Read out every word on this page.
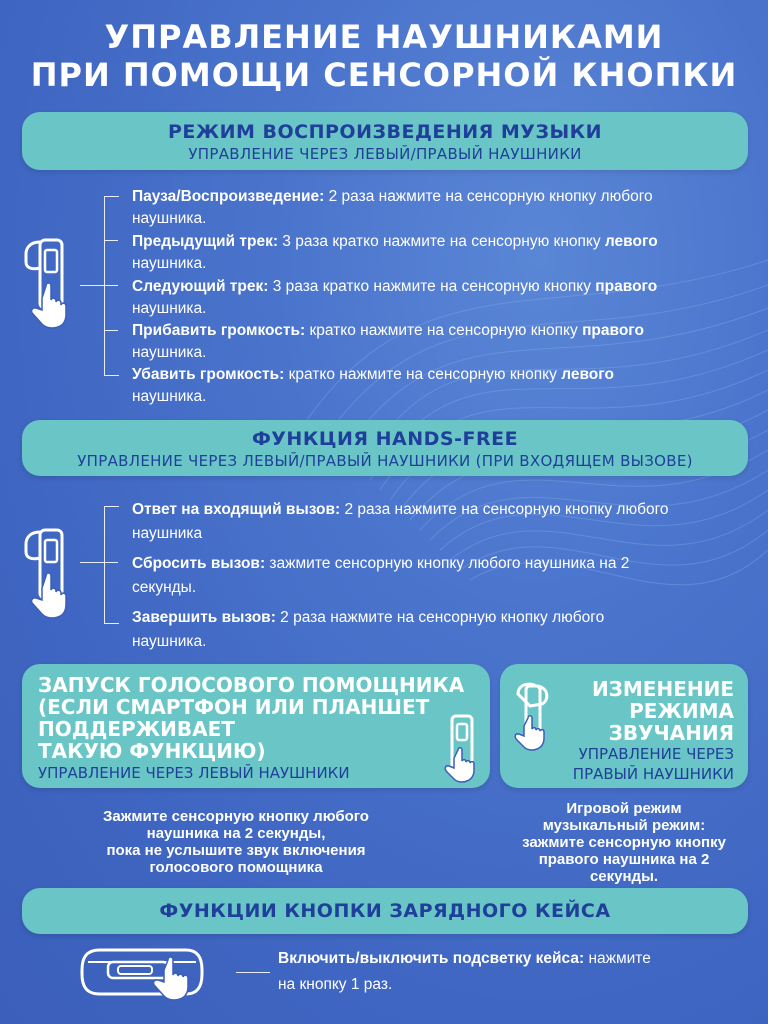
УПРАВЛЕНИЕ НАУШНИКАМИ
ПРИ ПОМОЩИ СЕНСОРНОЙ КНОПКИ
РЕЖИМ ВОСПРОИЗВЕДЕНИЯ МУЗЫКИ
УПРАВЛЕНИЕ ЧЕРЕЗ ЛЕВЫЙ/ПРАВЫЙ НАУШНИКИ
Пауза/Воспроизведение: 2 раза нажмите на сенсорную кнопку любого
наушника.
Предыдущий трек: 3 раза кратко нажмите на сенсорную кнопку левого
наушника.
Следующий трек: 3 раза кратко нажмите на сенсорную кнопку правого
наушника.
Прибавить громкость: кратко нажмите на сенсорную кнопку правого
наушника.
Убавить громкость: кратко нажмите на сенсорную кнопку левого
наушника.
ФУНКЦИЯ HANDS-FREE
УПРАВЛЕНИЕ ЧЕРЕЗ ЛЕВЫЙ/ПРАВЫЙ НАУШНИКИ (ПРИ ВХОДЯЩЕМ ВЫЗОВЕ)
Ответ на входящий вызов: 2 раза нажмите на сенсорную кнопку любого
наушника
Сбросить вызов: зажмите сенсорную кнопку любого наушника на 2
секунды.
Завершить вызов: 2 раза нажмите на сенсорную кнопку любого
наушника.
ЗАПУСК ГОЛОСОВОГО ПОМОЩНИКА
(ЕСЛИ СМАРТФОН ИЛИ ПЛАНШЕТ
ПОДДЕРЖИВАЕТ
ТАКУЮ ФУНКЦИЮ)
УПРАВЛЕНИЕ ЧЕРЕЗ ЛЕВЫЙ НАУШНИКИ
ИЗМЕНЕНИЕ
РЕЖИМА
ЗВУЧАНИЯ
УПРАВЛЕНИЕ ЧЕРЕЗ
ПРАВЫЙ НАУШНИКИ
Зажмите сенсорную кнопку любого
наушника на 2 секунды,
пока не услышите звук включения
голосового помощника
Игровой режим
музыкальный режим:
зажмите сенсорную кнопку
правого наушника на 2
секунды.
ФУНКЦИИ КНОПКИ ЗАРЯДНОГО КЕЙСА
Включить/выключить подсветку кейса: нажмите
на кнопку 1 раз.
